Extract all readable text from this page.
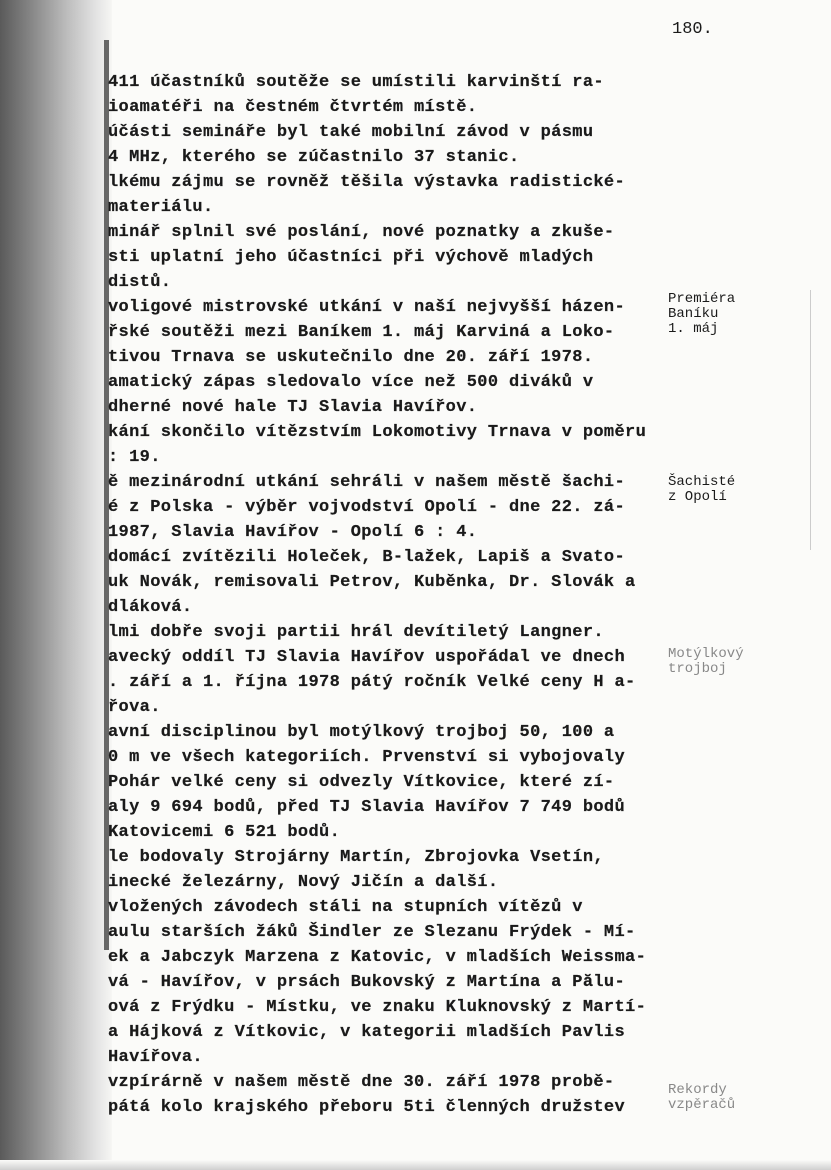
180.
411 účastníků soutěže se umístili karvinští ra-
ioamatéři na čestném čtvrtém místě.
účásti semináře byl také mobilní závod v pásmu
4 MHz, kterého se zúčastnilo 37 stanic.
lkému zájmu se rovněž těšila výstavka radistické-
materiálu.
minář splnil své poslání, nové poznatky a zkuše-
sti uplatní jeho účastníci při výchově mladých
distů.
voligové mistrovské utkání v naší nejvyšší házen-
řské soutěži mezi Baníkem 1. máj Karviná a Loko-
tivou Trnava se uskutečnilo dne 20. září 1978.
amatický zápas sledovalo více než 500 diváků v
dherné nové hale TJ Slavia Havířov.
kání skončilo vítězstvím Lokomotivy Trnava v poměru
: 19.
ě mezinárodní utkání sehráli v našem městě šachi-
é z Polska - výběr vojvodství Opolí - dne 22. zá-
1987, Slavia Havířov - Opolí 6 : 4.
domácí zvítězili Holeček, B-lažek, Lapiš a Svato-
uk Novák, remisovali Petrov, Kuběnka, Dr. Slovák a
dláková.
lmi dobře svoji partii hrál devítiletý Langner.
avecký oddíl TJ Slavia Havířov uspořádal ve dnech
. září a 1. října 1978 pátý ročník Velké ceny H a-
řova.
avní disciplinou byl motýlkový trojboj 50, 100 a
0 m ve všech kategoriích. Prvenství si vybojovaly
Pohár velké ceny si odvezly Vítkovice, které zí-
aly 9 694 bodů, před TJ Slavia Havířov 7 749 bodů
Katovicemi 6 521 bodů.
le bodovaly Strojárny Martín, Zbrojovka Vsetín,
inecké železárny, Nový Jičín a další.
vložených závodech stáli na stupních vítězů v
aulu starších žáků Šindler ze Slezanu Frýdek - Mí-
ek a Jabczyk Marzena z Katovic, v mladších Weissma-
vá - Havířov, v prsách Bukovský z Martína a Pălu-
ová z Frýdku - Místku, ve znaku Kluknovský z Martí-
a Hájková z Vítkovic, v kategorii mladších Pavlis
Havířova.
vzpírárně v našem městě dne 30. září 1978 probě-
pátá kolo krajského přeboru 5ti členných družstev
Premiéra
Baníku
1. máj
Šachisté
z Opolí
Motýlkový
trojboj
Rekordy
vzpěračů
